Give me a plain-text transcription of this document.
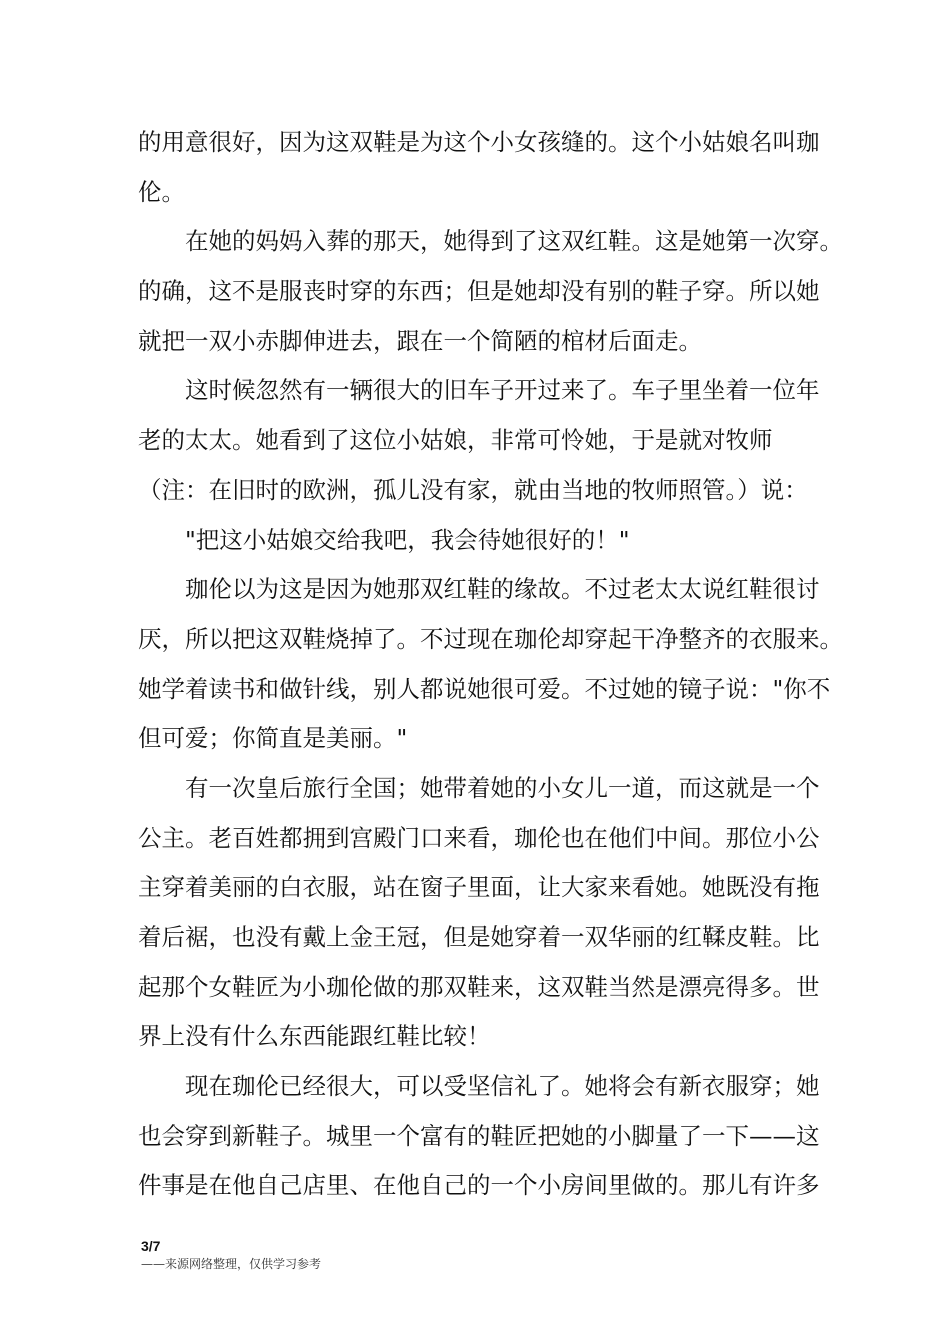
的用意很好，因为这双鞋是为这个小女孩缝的。这个小姑娘名叫珈
伦。
在她的妈妈入葬的那天，她得到了这双红鞋。这是她第一次穿。
的确，这不是服丧时穿的东西；但是她却没有别的鞋子穿。所以她
就把一双小赤脚伸进去，跟在一个简陋的棺材后面走。
这时候忽然有一辆很大的旧车子开过来了。车子里坐着一位年
老的太太。她看到了这位小姑娘，非常可怜她，于是就对牧师
（注：在旧时的欧洲，孤儿没有家，就由当地的牧师照管。）说：
"把这小姑娘交给我吧，我会待她很好的！"
珈伦以为这是因为她那双红鞋的缘故。不过老太太说红鞋很讨
厌，所以把这双鞋烧掉了。不过现在珈伦却穿起干净整齐的衣服来。
她学着读书和做针线，别人都说她很可爱。不过她的镜子说："你不
但可爱；你简直是美丽。"
有一次皇后旅行全国；她带着她的小女儿一道，而这就是一个
公主。老百姓都拥到宫殿门口来看，珈伦也在他们中间。那位小公
主穿着美丽的白衣服，站在窗子里面，让大家来看她。她既没有拖
着后裾，也没有戴上金王冠，但是她穿着一双华丽的红鞣皮鞋。比
起那个女鞋匠为小珈伦做的那双鞋来，这双鞋当然是漂亮得多。世
界上没有什么东西能跟红鞋比较！
现在珈伦已经很大，可以受坚信礼了。她将会有新衣服穿；她
也会穿到新鞋子。城里一个富有的鞋匠把她的小脚量了一下——这
件事是在他自己店里、在他自己的一个小房间里做的。那儿有许多
3/7
——来源网络整理，仅供学习参考
